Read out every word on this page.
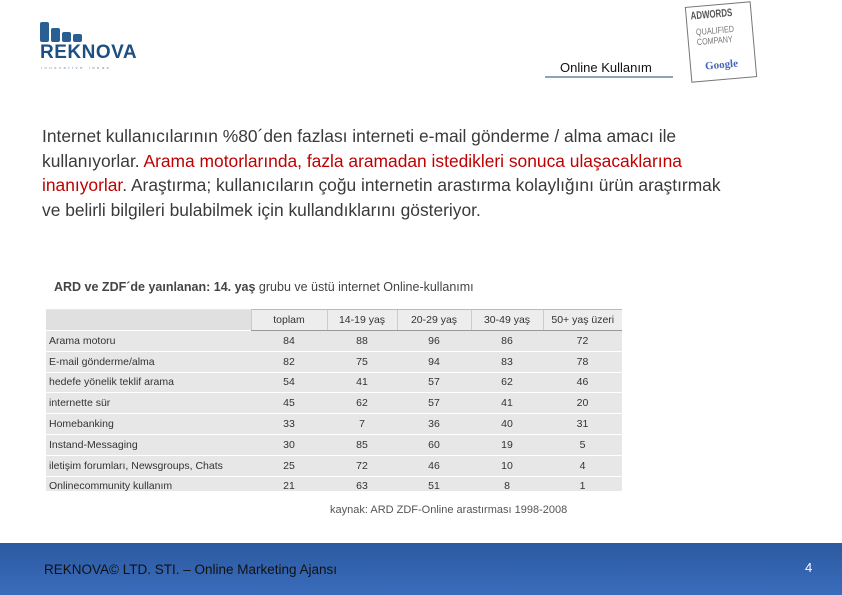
REKNOVA
innovative ideas	Online Kullanım
ADWORDS
QUALIFIED
COMPANY
Google
Internet kullanıcılarının %80´den fazlası interneti e-mail gönderme / alma amacı ile kullanıyorlar. Arama motorlarında, fazla aramadan istedikleri sonuca ulaşacaklarına inanıyorlar. Araştırma; kullanıcıların çoğu internetin arastırma kolaylığını ürün araştırmak ve belirli bilgileri bulabilmek için kullandıklarını gösteriyor.
ARD ve ZDF´de yaınlanan: 14. yaş grubu ve üstü internet Online-kullanımı
	toplam	14-19 yaş	20-29 yaş	30-49 yaş	50+ yaş üzeri
Arama motoru	84	88	96	86	72
E-mail gönderme/alma	82	75	94	83	78
hedefe yönelik teklif arama	54	41	57	62	46
internette sür	45	62	57	41	20
Homebanking	33	7	36	40	31
Instand-Messaging	30	85	60	19	5
iletişim forumları, Newsgroups, Chats	25	72	46	10	4
Onlinecommunity kullanım	21	63	51	8	1
kaynak: ARD ZDF-Online arastırması 1998-2008
REKNOVA© LTD. STI. – Online Marketing Ajansı	4
